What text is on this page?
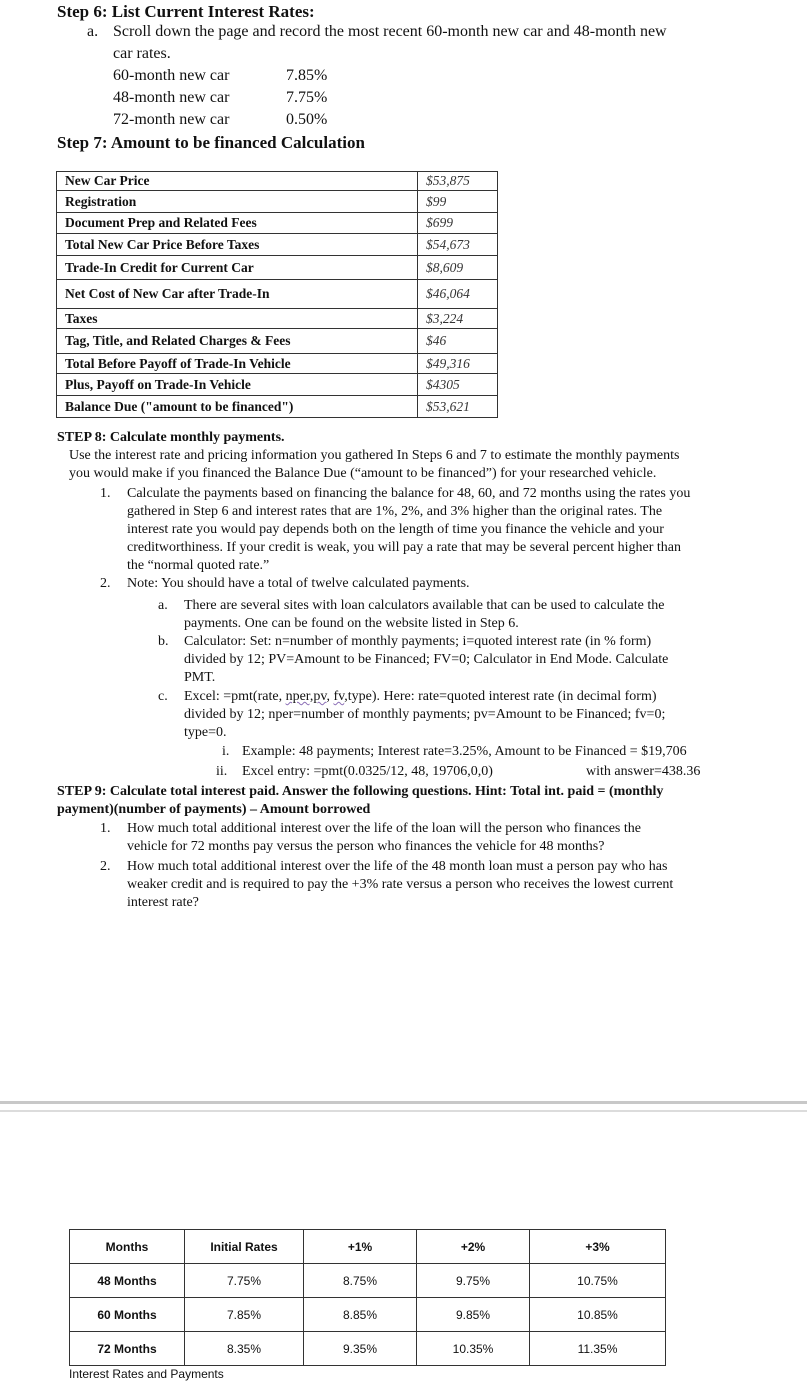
Step 6: List Current Interest Rates:
a. Scroll down the page and record the most recent 60-month new car and 48-month new
car rates.
60-month new car	7.85%
48-month new car	7.75%
72-month new car	0.50%
Step 7: Amount to be financed Calculation
New Car Price	$53,875
Registration	$99
Document Prep and Related Fees	$699
Total New Car Price Before Taxes	$54,673
Trade-In Credit for Current Car	$8,609
Net Cost of New Car after Trade-In	$46,064
Taxes	$3,224
Tag, Title, and Related Charges & Fees	$46
Total Before Payoff of Trade-In Vehicle	$49,316
Plus, Payoff on Trade-In Vehicle	$4305
Balance Due ("amount to be financed")	$53,621
STEP 8: Calculate monthly payments.
Use the interest rate and pricing information you gathered In Steps 6 and 7 to estimate the monthly payments
you would make if you financed the Balance Due (“amount to be financed”) for your researched vehicle.
1. Calculate the payments based on financing the balance for 48, 60, and 72 months using the rates you
gathered in Step 6 and interest rates that are 1%, 2%, and 3% higher than the original rates. The
interest rate you would pay depends both on the length of time you finance the vehicle and your
creditworthiness. If your credit is weak, you will pay a rate that may be several percent higher than
the “normal quoted rate.”
2. Note: You should have a total of twelve calculated payments.
a. There are several sites with loan calculators available that can be used to calculate the
payments. One can be found on the website listed in Step 6.
b. Calculator: Set: n=number of monthly payments; i=quoted interest rate (in % form)
divided by 12; PV=Amount to be Financed; FV=0; Calculator in End Mode. Calculate
PMT.
c. Excel: =pmt(rate, nper,pv, fv,type). Here: rate=quoted interest rate (in decimal form)
divided by 12; nper=number of monthly payments; pv=Amount to be Financed; fv=0;
type=0.
i. Example: 48 payments; Interest rate=3.25%, Amount to be Financed = $19,706
ii. Excel entry: =pmt(0.0325/12, 48, 19706,0,0)	with answer=438.36
STEP 9: Calculate total interest paid. Answer the following questions. Hint: Total int. paid = (monthly
payment)(number of payments) – Amount borrowed
1. How much total additional interest over the life of the loan will the person who finances the
vehicle for 72 months pay versus the person who finances the vehicle for 48 months?
2. How much total additional interest over the life of the 48 month loan must a person pay who has
weaker credit and is required to pay the +3% rate versus a person who receives the lowest current
interest rate?
Months	Initial Rates	+1%	+2%	+3%
48 Months	7.75%	8.75%	9.75%	10.75%
60 Months	7.85%	8.85%	9.85%	10.85%
72 Months	8.35%	9.35%	10.35%	11.35%
Interest Rates and Payments
